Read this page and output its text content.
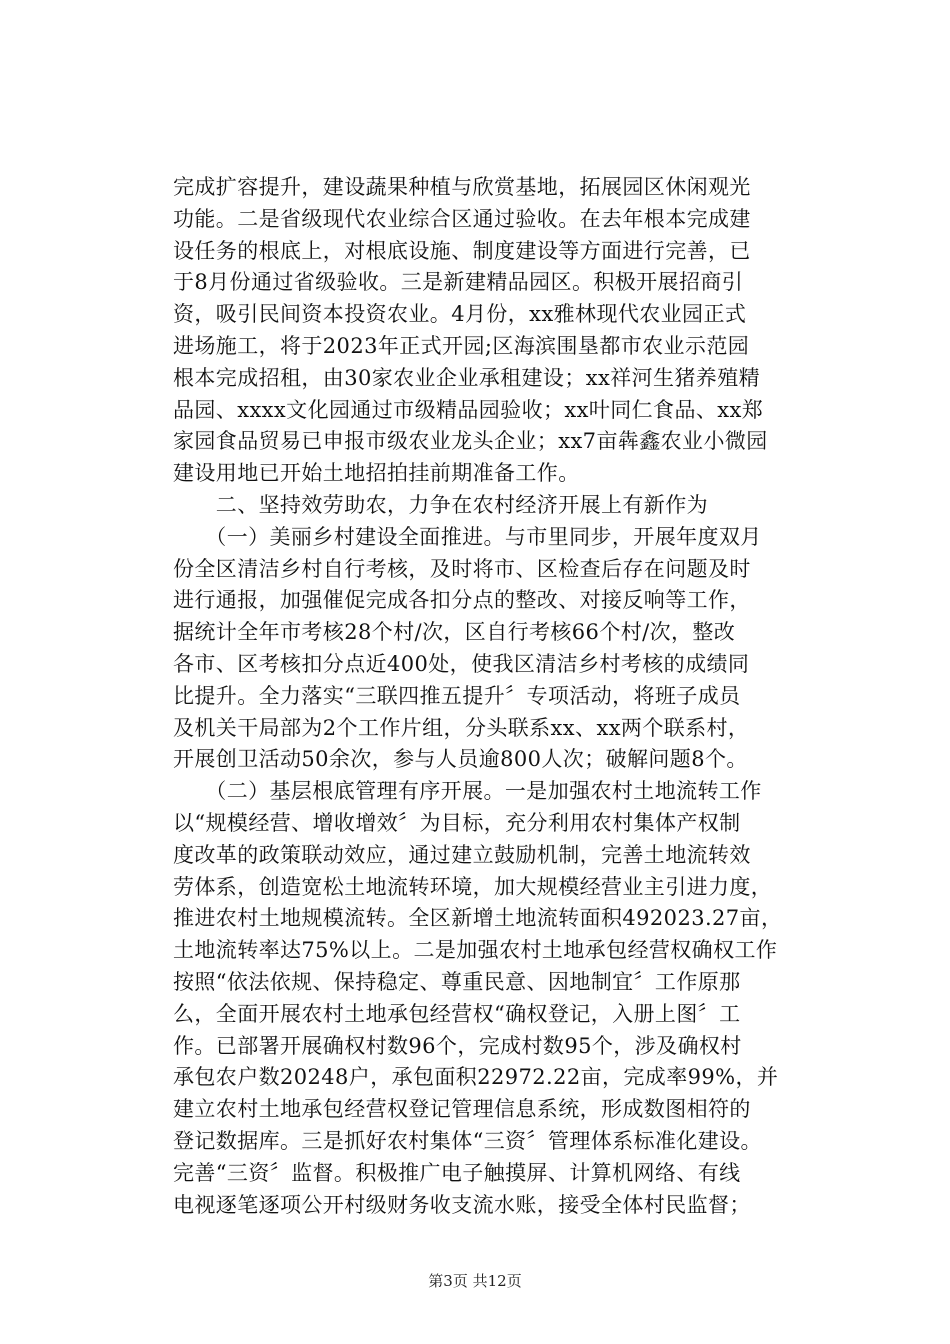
完成扩容提升，建设蔬果种植与欣赏基地，拓展园区休闲观光
功能。二是省级现代农业综合区通过验收。在去年根本完成建
设任务的根底上，对根底设施、制度建设等方面进行完善，已
于8月份通过省级验收。三是新建精品园区。积极开展招商引
资，吸引民间资本投资农业。4月份，xx雅林现代农业园正式
进场施工，将于2023年正式开园;区海滨围垦都市农业示范园
根本完成招租，由30家农业企业承租建设；xx祥河生猪养殖精
品园、xxxx文化园通过市级精品园验收；xx叶同仁食品、xx郑
家园食品贸易已申报市级农业龙头企业；xx7亩犇鑫农业小微园
建设用地已开始土地招拍挂前期准备工作。
　　二、坚持效劳助农，力争在农村经济开展上有新作为
　　（一）美丽乡村建设全面推进。与市里同步，开展年度双月
份全区清洁乡村自行考核，及时将市、区检查后存在问题及时
进行通报，加强催促完成各扣分点的整改、对接反响等工作，
据统计全年市考核28个村/次，区自行考核66个村/次，整改
各市、区考核扣分点近400处，使我区清洁乡村考核的成绩同
比提升。全力落实“三联四推五提升〞专项活动，将班子成员
及机关干局部为2个工作片组，分头联系xx、xx两个联系村，
开展创卫活动50余次，参与人员逾800人次；破解问题8个。
　　（二）基层根底管理有序开展。一是加强农村土地流转工作
以“规模经营、增收增效〞为目标，充分利用农村集体产权制
度改革的政策联动效应，通过建立鼓励机制，完善土地流转效
劳体系，创造宽松土地流转环境，加大规模经营业主引进力度，
推进农村土地规模流转。全区新增土地流转面积492023.27亩，
土地流转率达75%以上。二是加强农村土地承包经营权确权工作
按照“依法依规、保持稳定、尊重民意、因地制宜〞工作原那
么，全面开展农村土地承包经营权“确权登记，入册上图〞工
作。已部署开展确权村数96个，完成村数95个，涉及确权村
承包农户数20248户，承包面积22972.22亩，完成率99%，并
建立农村土地承包经营权登记管理信息系统，形成数图相符的
登记数据库。三是抓好农村集体“三资〞管理体系标准化建设。
完善“三资〞监督。积极推广电子触摸屏、计算机网络、有线
电视逐笔逐项公开村级财务收支流水账，接受全体村民监督；
第3页 共12页
